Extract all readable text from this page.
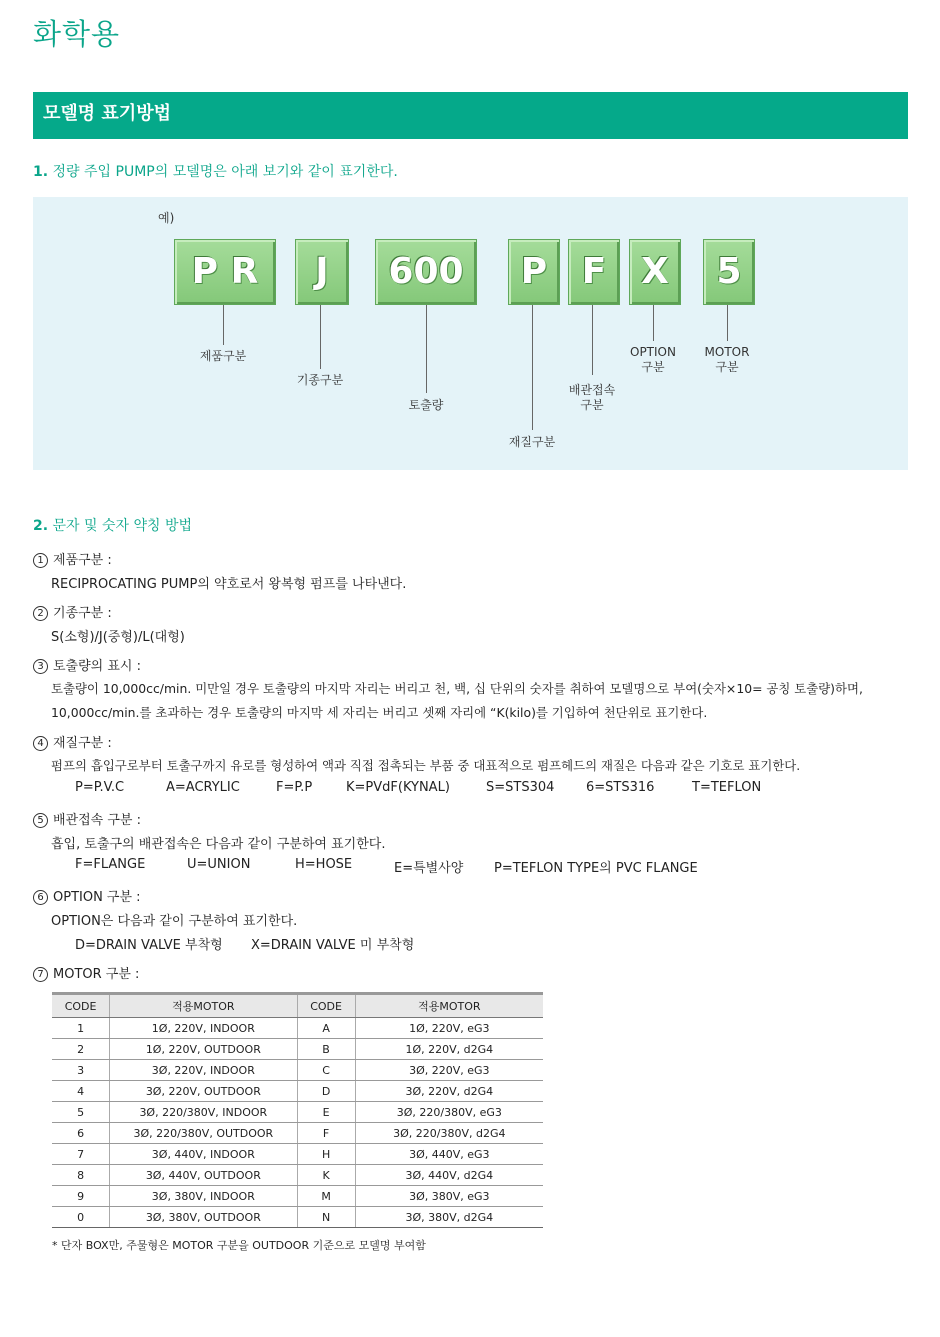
화학용
모델명 표기방법
1. 정량 주입 PUMP의 모델명은 아래 보기와 같이 표기한다.
예)
P R	J	600	P F X	5
제품구분
기종구분
토출량
재질구분
배관접속
구분
OPTION
구분
MOTOR
구분
2. 문자 및 숫자 약칭 방법
1 제품구분 :
RECIPROCATING PUMP의 약호로서 왕복형 펌프를 나타낸다.
2 기종구분 :
S(소형)/J(중형)/L(대형)
3 토출량의 표시 :
토출량이 10,000cc/min. 미만일 경우 토출량의 마지막 자리는 버리고 천, 백, 십 단위의 숫자를 취하여 모델명으로 부여(숫자×10= 공칭 토출량)하며,
10,000cc/min.를 초과하는 경우 토출량의 마지막 세 자리는 버리고 셋째 자리에 “K(kilo)를 기입하여 천단위로 표기한다.
4 재질구분 :
펌프의 흡입구로부터 토출구까지 유로를 형성하여 액과 직접 접촉되는 부품 중 대표적으로 펌프헤드의 재질은 다음과 같은 기호로 표기한다.
P=P.V.C	A=ACRYLIC	F=P.P	K=PVdF(KYNAL)	S=STS304 6=STS316	T=TEFLON
5 배관접속 구분 :
흡입, 토출구의 배관접속은 다음과 같이 구분하여 표기한다.
F=FLANGE	U=UNION	H=HOSE	E=특별사양 P=TEFLON TYPE의 PVC FLANGE
6 OPTION 구분 :
OPTION은 다음과 같이 구분하여 표기한다.
D=DRAIN VALVE 부착형 X=DRAIN VALVE 미 부착형
7 MOTOR 구분 :
CODE	적용MOTOR	CODE	적용MOTOR
1	1Ø, 220V, INDOOR	A	1Ø, 220V, eG3
2	1Ø, 220V, OUTDOOR	B	1Ø, 220V, d2G4
3	3Ø, 220V, INDOOR	C	3Ø, 220V, eG3
4	3Ø, 220V, OUTDOOR	D	3Ø, 220V, d2G4
5	3Ø, 220/380V, INDOOR	E	3Ø, 220/380V, eG3
6	3Ø, 220/380V, OUTDOOR	F	3Ø, 220/380V, d2G4
7	3Ø, 440V, INDOOR	H	3Ø, 440V, eG3
8	3Ø, 440V, OUTDOOR	K	3Ø, 440V, d2G4
9	3Ø, 380V, INDOOR	M	3Ø, 380V, eG3
0	3Ø, 380V, OUTDOOR	N	3Ø, 380V, d2G4
* 단자 BOX만, 주물형은 MOTOR 구분을 OUTDOOR 기준으로 모델명 부여함
